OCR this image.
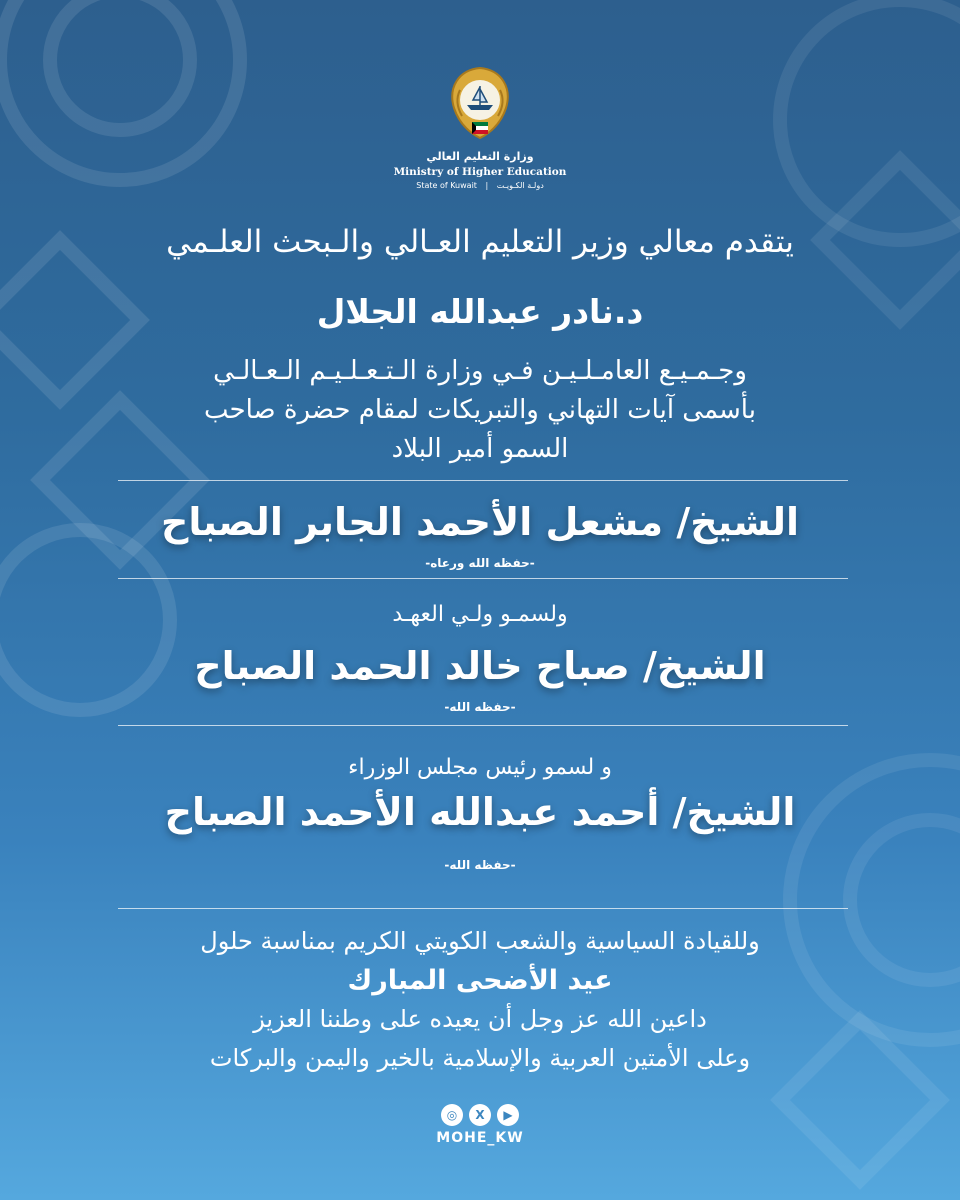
وزارة التعليم العالي
Ministry of Higher Education
State of Kuwait | دولـة الكـويـت
يتقدم معالي وزير التعليم العـالي والـبحث العلـمي
د.نادر عبدالله الجلال
وجـمـيـع العامـلـيـن فـي وزارة الـتـعـلـيـم الـعـالـي
بأسمى آيات التهاني والتبريكات لمقام حضرة صاحب
السمو أمير البلاد
الشيخ/ مشعل الأحمد الجابر الصباح
-حفظه الله ورعاه-
ولسمـو ولـي العهـد
الشيخ/ صباح خالد الحمد الصباح
-حفظه الله-
و لسمو رئيس مجلس الوزراء
الشيخ/ أحمد عبدالله الأحمد الصباح
-حفظه الله-
وللقيادة السياسية والشعب الكويتي الكريم بمناسبة حلول
عيد الأضحى المبارك
داعين الله عز وجل أن يعيده على وطننا العزيز
وعلى الأمتين العربية والإسلامية بالخير واليمن والبركات
◎	X	▶
MOHE_KW
